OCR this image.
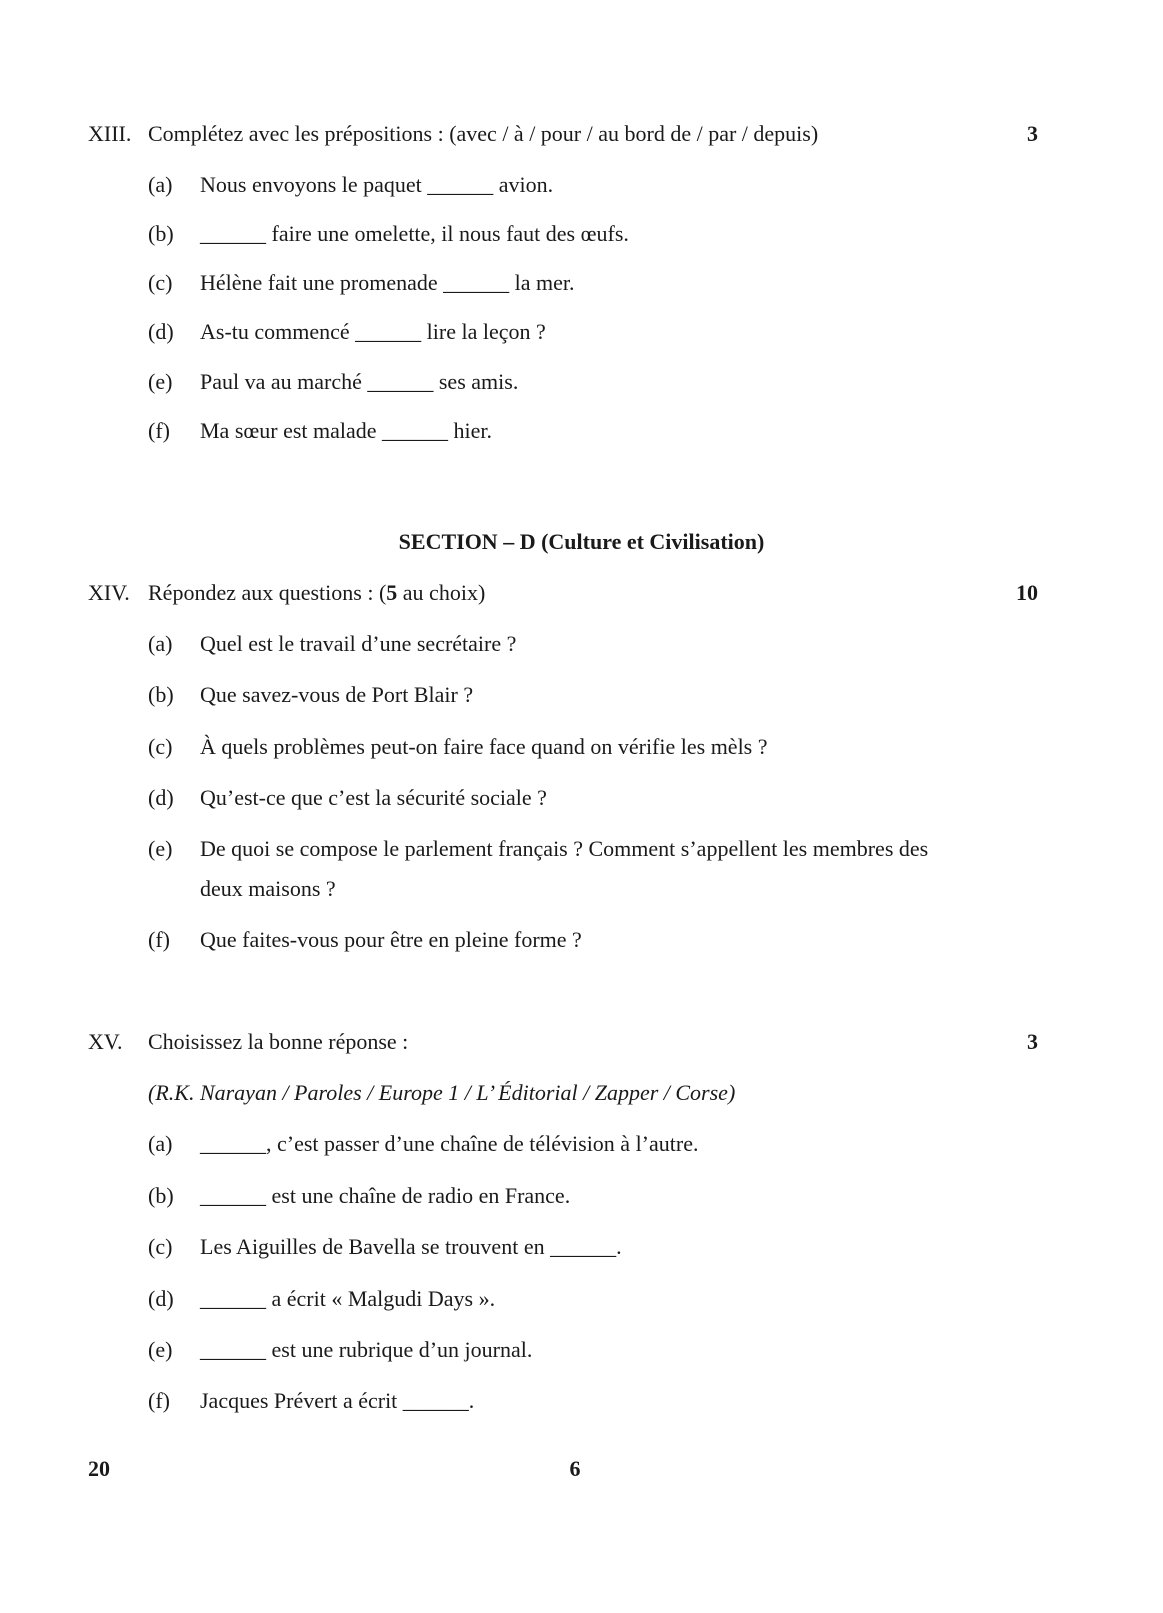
XIII. Complétez avec les prépositions : (avec / à / pour / au bord de / par / depuis)	3
(a) Nous envoyons le paquet ______ avion.
(b) ______ faire une omelette, il nous faut des œufs.
(c) Hélène fait une promenade ______ la mer.
(d) As-tu commencé ______ lire la leçon ?
(e) Paul va au marché ______ ses amis.
(f) Ma sœur est malade ______ hier.
SECTION – D (Culture et Civilisation)
XIV. Répondez aux questions : (5 au choix)	10
(a) Quel est le travail d’une secrétaire ?
(b) Que savez-vous de Port Blair ?
(c) À quels problèmes peut-on faire face quand on vérifie les mèls ?
(d) Qu’est-ce que c’est la sécurité sociale ?
(e) De quoi se compose le parlement français ? Comment s’appellent les membres des
deux maisons ?
(f) Que faites-vous pour être en pleine forme ?
XV. Choisissez la bonne réponse :	3
(R.K. Narayan / Paroles / Europe 1 / L’ Éditorial / Zapper / Corse)
(a) ______, c’est passer d’une chaîne de télévision à l’autre.
(b) ______ est une chaîne de radio en France.
(c) Les Aiguilles de Bavella se trouvent en ______.
(d) ______ a écrit « Malgudi Days ».
(e) ______ est une rubrique d’un journal.
(f) Jacques Prévert a écrit ______.
20	6
